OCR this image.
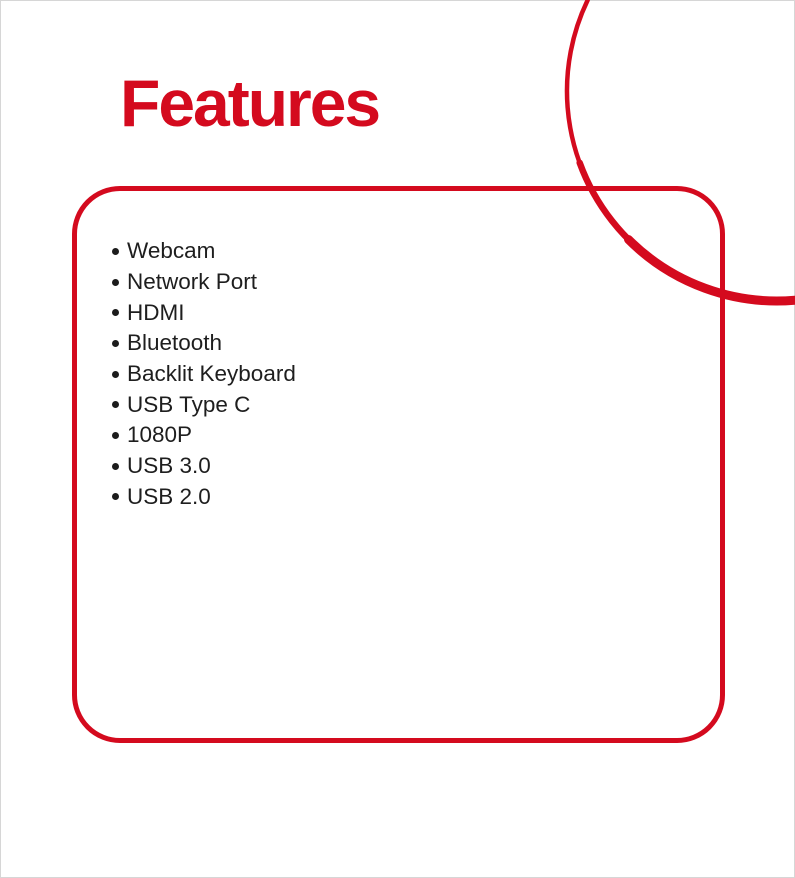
Features
Webcam
Network Port
HDMI
Bluetooth
Backlit Keyboard
USB Type C
1080P
USB 3.0
USB 2.0
